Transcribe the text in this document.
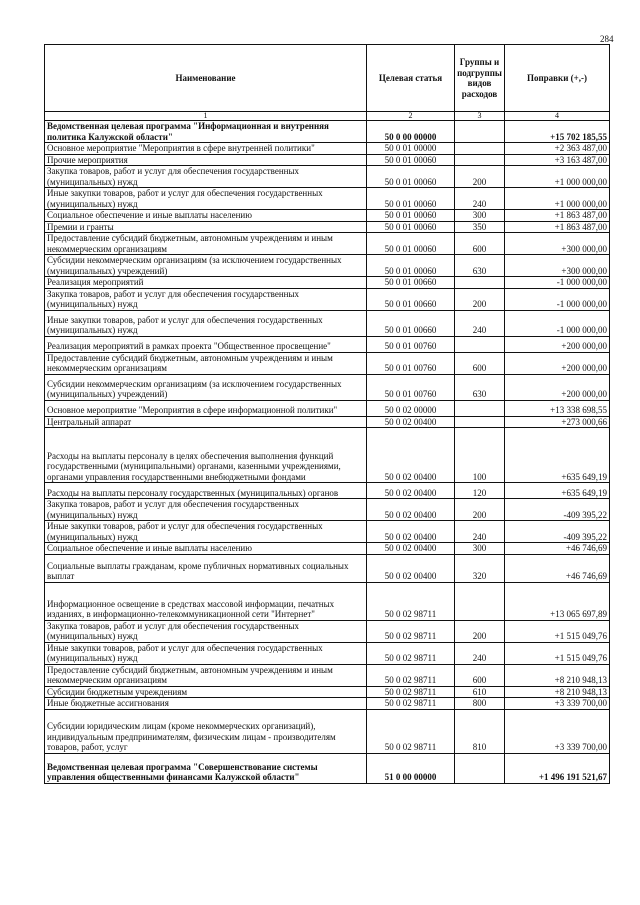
284
Наименование	Целевая статья	Группы и подгруппы видов расходов	Поправки (+,-)
1	2	3	4
Ведомственная целевая программа "Информационная и внутренняя политика Калужской области"	50 0 00 00000		+15 702 185,55
Основное мероприятие "Мероприятия в сфере внутренней политики"	50 0 01 00000		+2 363 487,00
Прочие мероприятия	50 0 01 00060		+3 163 487,00
Закупка товаров, работ и услуг для обеспечения государственных (муниципальных) нужд	50 0 01 00060	200	+1 000 000,00
Иные закупки товаров, работ и услуг для обеспечения государственных (муниципальных) нужд	50 0 01 00060	240	+1 000 000,00
Социальное обеспечение и иные выплаты населению	50 0 01 00060	300	+1 863 487,00
Премии и гранты	50 0 01 00060	350	+1 863 487,00
Предоставление субсидий бюджетным, автономным учреждениям и иным некоммерческим организациям	50 0 01 00060	600	+300 000,00
Субсидии некоммерческим организациям (за исключением государственных (муниципальных) учреждений)	50 0 01 00060	630	+300 000,00
Реализация мероприятий	50 0 01 00660		-1 000 000,00
Закупка товаров, работ и услуг для обеспечения государственных (муниципальных) нужд	50 0 01 00660	200	-1 000 000,00
Иные закупки товаров, работ и услуг для обеспечения государственных (муниципальных) нужд	50 0 01 00660	240	-1 000 000,00
Реализация мероприятий в рамках проекта "Общественное просвещение"	50 0 01 00760		+200 000,00
Предоставление субсидий бюджетным, автономным учреждениям и иным некоммерческим организациям	50 0 01 00760	600	+200 000,00
Субсидии некоммерческим организациям (за исключением государственных (муниципальных) учреждений)	50 0 01 00760	630	+200 000,00
Основное мероприятие "Мероприятия в сфере информационной политики"	50 0 02 00000		+13 338 698,55
Центральный аппарат	50 0 02 00400		+273 000,66
Расходы на выплаты персоналу в целях обеспечения выполнения функций государственными (муниципальными) органами, казенными учреждениями, органами управления государственными внебюджетными фондами	50 0 02 00400	100	+635 649,19
Расходы на выплаты персоналу государственных (муниципальных) органов	50 0 02 00400	120	+635 649,19
Закупка товаров, работ и услуг для обеспечения государственных (муниципальных) нужд	50 0 02 00400	200	-409 395,22
Иные закупки товаров, работ и услуг для обеспечения государственных (муниципальных) нужд	50 0 02 00400	240	-409 395,22
Социальное обеспечение и иные выплаты населению	50 0 02 00400	300	+46 746,69
Социальные выплаты гражданам, кроме публичных нормативных социальных выплат	50 0 02 00400	320	+46 746,69
Информационное освещение в средствах массовой информации, печатных изданиях, в информационно-телекоммуникационной сети "Интернет"	50 0 02 98711		+13 065 697,89
Закупка товаров, работ и услуг для обеспечения государственных (муниципальных) нужд	50 0 02 98711	200	+1 515 049,76
Иные закупки товаров, работ и услуг для обеспечения государственных (муниципальных) нужд	50 0 02 98711	240	+1 515 049,76
Предоставление субсидий бюджетным, автономным учреждениям и иным некоммерческим организациям	50 0 02 98711	600	+8 210 948,13
Субсидии бюджетным учреждениям	50 0 02 98711	610	+8 210 948,13
Иные бюджетные ассигнования	50 0 02 98711	800	+3 339 700,00
Субсидии юридическим лицам (кроме некоммерческих организаций), индивидуальным предпринимателям, физическим лицам - производителям товаров, работ, услуг	50 0 02 98711	810	+3 339 700,00
Ведомственная целевая программа "Совершенствование системы управления общественными финансами Калужской области"	51 0 00 00000		+1 496 191 521,67
